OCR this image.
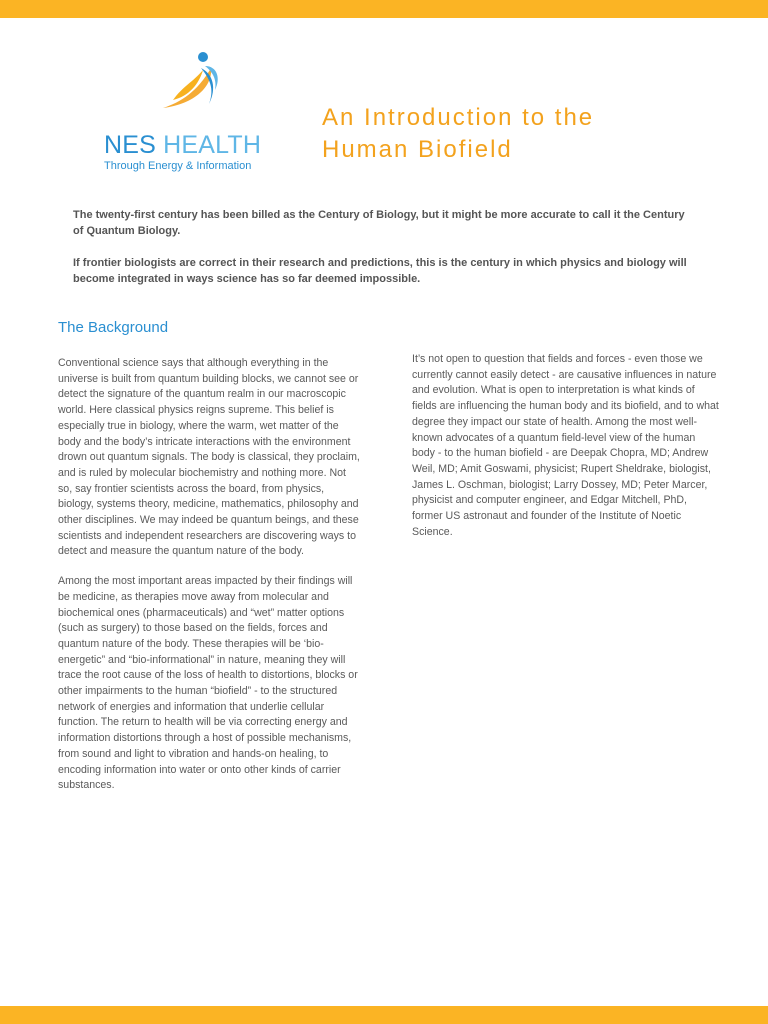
NES HEALTH
Through Energy & Information
An Introduction to the
Human Biofield

The twenty-first century has been billed as the Century of Biology, but it might be more accurate to call it the Century of Quantum Biology.

If frontier biologists are correct in their research and predictions, this is the century in which physics and biology will become integrated in ways science has so far deemed impossible.

The Background

Conventional science says that although everything in the universe is built from quantum building blocks, we cannot see or detect the signature of the quantum realm in our macroscopic world. Here classical physics reigns supreme. This belief is especially true in biology, where the warm, wet matter of the body and the body’s intricate interactions with the environment drown out quantum signals. The body is classical, they proclaim, and is ruled by molecular biochemistry and nothing more. Not so, say frontier scientists across the board, from physics, biology, systems theory, medicine, mathematics, philosophy and other disciplines. We may indeed be quantum beings, and these scientists and independent researchers are discovering ways to detect and measure the quantum nature of the body.

Among the most important areas impacted by their findings will be medicine, as therapies move away from molecular and biochemical ones (pharmaceuticals) and “wet” matter options (such as surgery) to those based on the fields, forces and quantum nature of the body. These therapies will be ‘bio-energetic” and “bio-informational” in nature, meaning they will trace the root cause of the loss of health to distortions, blocks or other impairments to the human “biofield” - to the structured network of energies and information that underlie cellular function. The return to health will be via correcting energy and information distortions through a host of possible mechanisms, from sound and light to vibration and hands-on healing, to encoding information into water or onto other kinds of carrier substances.

It’s not open to question that fields and forces - even those we currently cannot easily detect - are causative influences in nature and evolution. What is open to interpretation is what kinds of fields are influencing the human body and its biofield, and to what degree they impact our state of health. Among the most well-known advocates of a quantum field-level view of the human body - to the human biofield - are Deepak Chopra, MD; Andrew Weil, MD; Amit Goswami, physicist; Rupert Sheldrake, biologist, James L. Oschman, biologist; Larry Dossey, MD; Peter Marcer, physicist and computer engineer, and Edgar Mitchell, PhD, former US astronaut and founder of the Institute of Noetic Science.
